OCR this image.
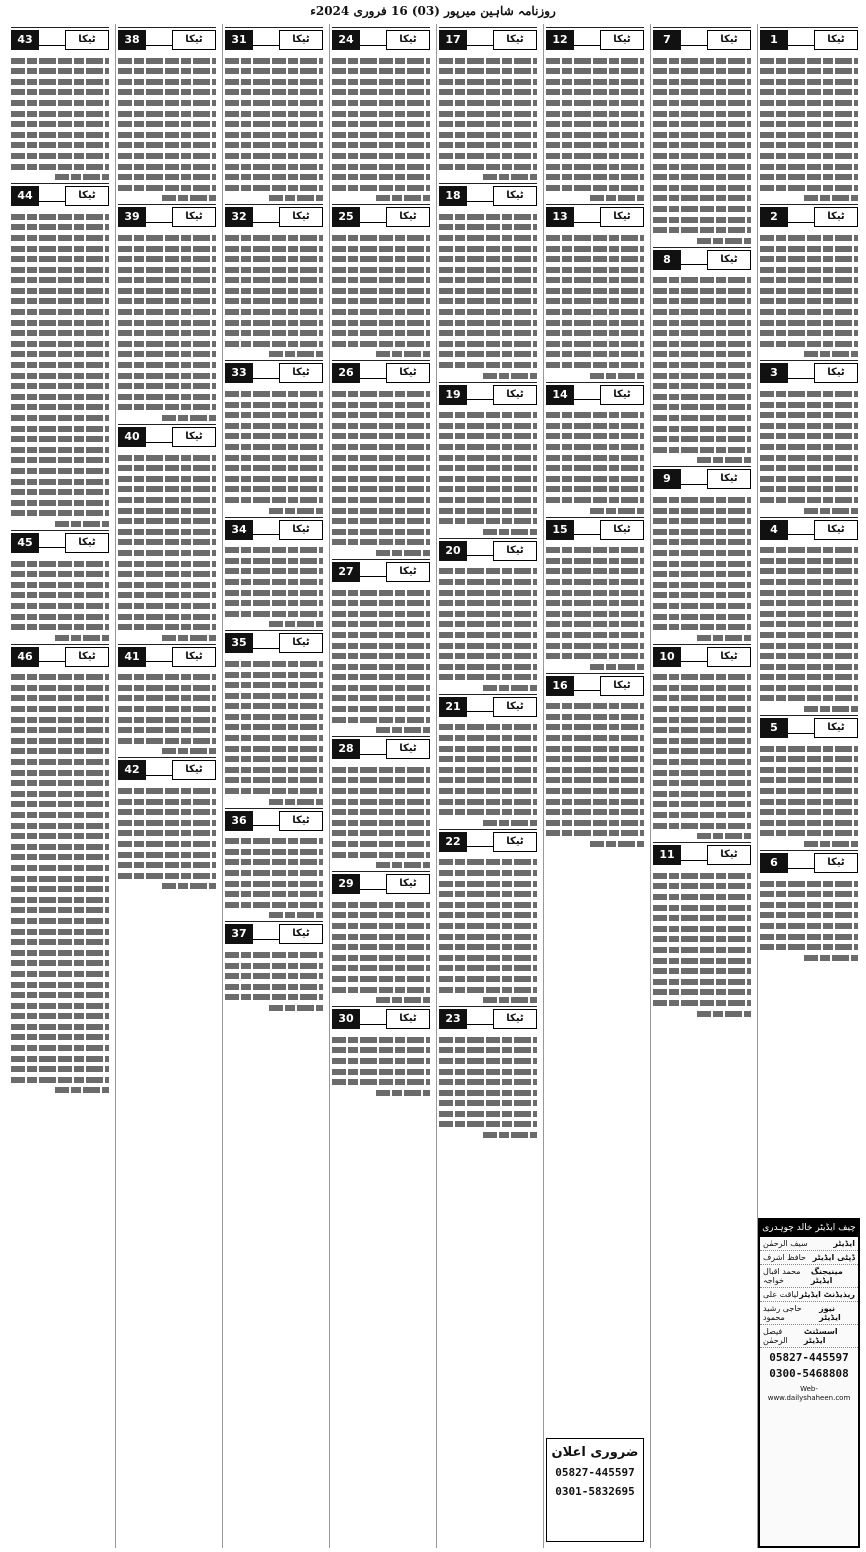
روزنامہ شاہین میرپور (03) 16 فروری 2024ء
ٹیکا
1
ٹیکا
2
ٹیکا
3
ٹیکا
4
ٹیکا
5
ٹیکا
6
چیف ایڈیٹر خالد چوہدری
ایڈیٹر
سیف الرحمٰن
ڈپٹی ایڈیٹر
حافظ اشرف
مینیجنگ ایڈیٹر
محمد اقبال خواجہ
ریذیڈنٹ ایڈیٹر
لیاقت علی
نیوز ایڈیٹر
حاجی رشید محمود
اسسٹنٹ ایڈیٹر
فیصل الرحمٰن
05827-445597
0300-5468808
Web-www.dailyshaheen.com
ٹیکا
7
ٹیکا
8
ٹیکا
9
ٹیکا
10
ٹیکا
11
ٹیکا
12
ٹیکا
13
ٹیکا
14
ٹیکا
15
ٹیکا
16
ضروری اعلان
05827-445597
0301-5832695
ٹیکا
17
ٹیکا
18
ٹیکا
19
ٹیکا
20
ٹیکا
21
ٹیکا
22
ٹیکا
23
ٹیکا
24
ٹیکا
25
ٹیکا
26
ٹیکا
27
ٹیکا
28
ٹیکا
29
ٹیکا
30
ٹیکا
31
ٹیکا
32
ٹیکا
33
ٹیکا
34
ٹیکا
35
ٹیکا
36
ٹیکا
37
ٹیکا
38
ٹیکا
39
ٹیکا
40
ٹیکا
41
ٹیکا
42
ٹیکا
43
ٹیکا
44
ٹیکا
45
ٹیکا
46
